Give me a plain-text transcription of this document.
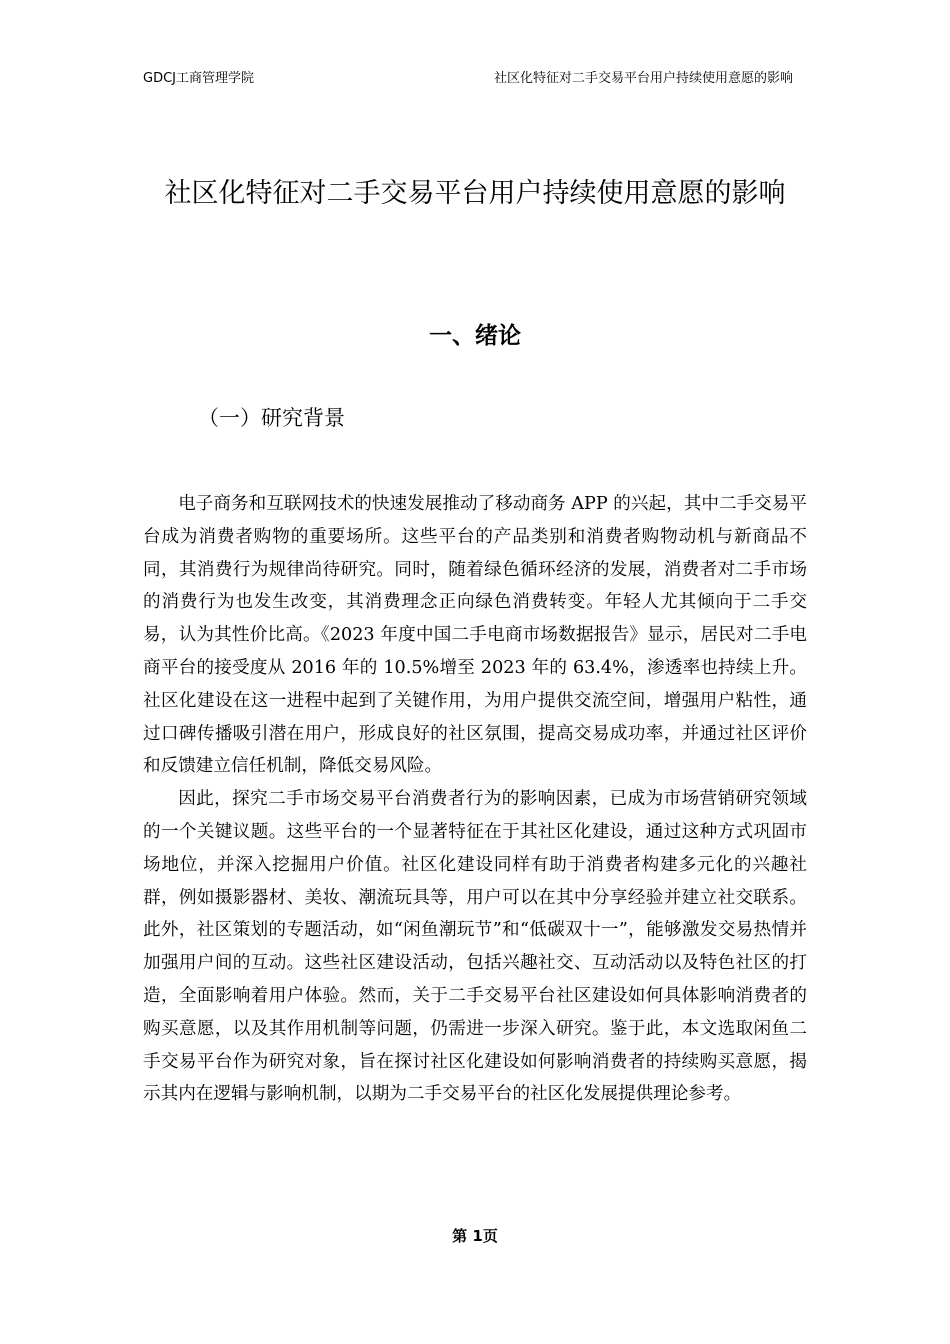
GDCJ工商管理学院	社区化特征对二手交易平台用户持续使用意愿的影响
社区化特征对二手交易平台用户持续使用意愿的影响
一、绪论
（一）研究背景

电子商务和互联网技术的快速发展推动了移动商务 APP 的兴起，其中二手交易平台成为消费者购物的重要场所。这些平台的产品类别和消费者购物动机与新商品不同，其消费行为规律尚待研究。同时，随着绿色循环经济的发展，消费者对二手市场的消费行为也发生改变，其消费理念正向绿色消费转变。年轻人尤其倾向于二手交易，认为其性价比高。《2023 年度中国二手电商市场数据报告》显示，居民对二手电商平台的接受度从 2016 年的 10.5%增至 2023 年的 63.4%，渗透率也持续上升。社区化建设在这一进程中起到了关键作用，为用户提供交流空间，增强用户粘性，通过口碑传播吸引潜在用户，形成良好的社区氛围，提高交易成功率，并通过社区评价和反馈建立信任机制，降低交易风险。

因此，探究二手市场交易平台消费者行为的影响因素，已成为市场营销研究领域的一个关键议题。这些平台的一个显著特征在于其社区化建设，通过这种方式巩固市场地位，并深入挖掘用户价值。社区化建设同样有助于消费者构建多元化的兴趣社群，例如摄影器材、美妆、潮流玩具等，用户可以在其中分享经验并建立社交联系。此外，社区策划的专题活动，如“闲鱼潮玩节”和“低碳双十一”，能够激发交易热情并加强用户间的互动。这些社区建设活动，包括兴趣社交、互动活动以及特色社区的打造，全面影响着用户体验。然而，关于二手交易平台社区建设如何具体影响消费者的购买意愿，以及其作用机制等问题，仍需进一步深入研究。鉴于此，本文选取闲鱼二手交易平台作为研究对象，旨在探讨社区化建设如何影响消费者的持续购买意愿，揭示其内在逻辑与影响机制，以期为二手交易平台的社区化发展提供理论参考。

第 1页
